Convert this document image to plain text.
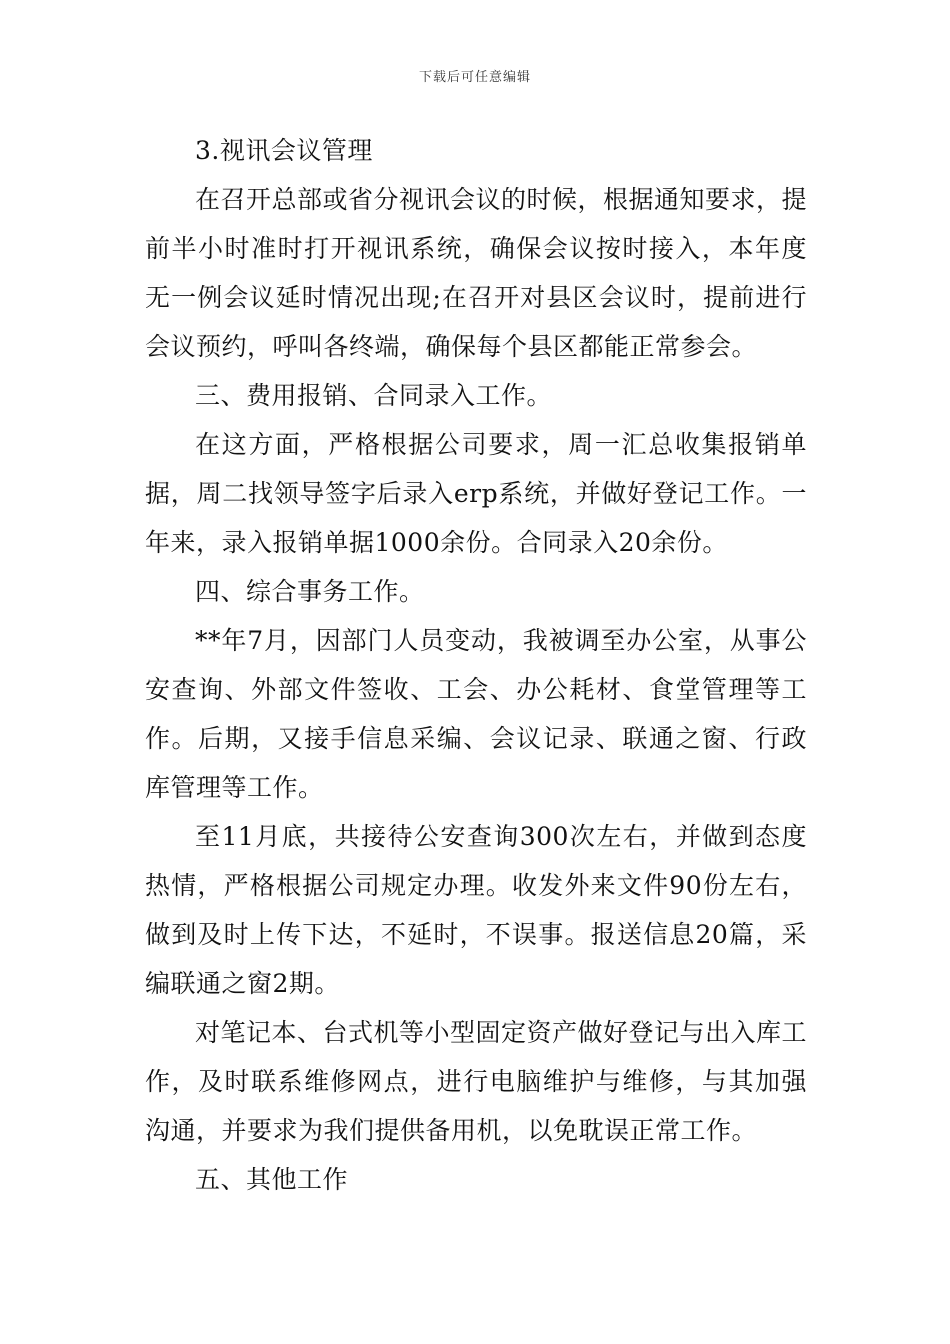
下载后可任意编辑

3.视讯会议管理

在召开总部或省分视讯会议的时候，根据通知要求，提前半小时准时打开视讯系统，确保会议按时接入，本年度无一例会议延时情况出现;在召开对县区会议时，提前进行会议预约，呼叫各终端，确保每个县区都能正常参会。

三、费用报销、合同录入工作。

在这方面，严格根据公司要求，周一汇总收集报销单据，周二找领导签字后录入erp系统，并做好登记工作。一年来，录入报销单据1000余份。合同录入20余份。

四、综合事务工作。

**年7月，因部门人员变动，我被调至办公室，从事公安查询、外部文件签收、工会、办公耗材、食堂管理等工作。后期，又接手信息采编、会议记录、联通之窗、行政库管理等工作。

至11月底，共接待公安查询300次左右，并做到态度热情，严格根据公司规定办理。收发外来文件90份左右，做到及时上传下达，不延时，不误事。报送信息20篇，采编联通之窗2期。

对笔记本、台式机等小型固定资产做好登记与出入库工作，及时联系维修网点，进行电脑维护与维修，与其加强沟通，并要求为我们提供备用机，以免耽误正常工作。

五、其他工作
